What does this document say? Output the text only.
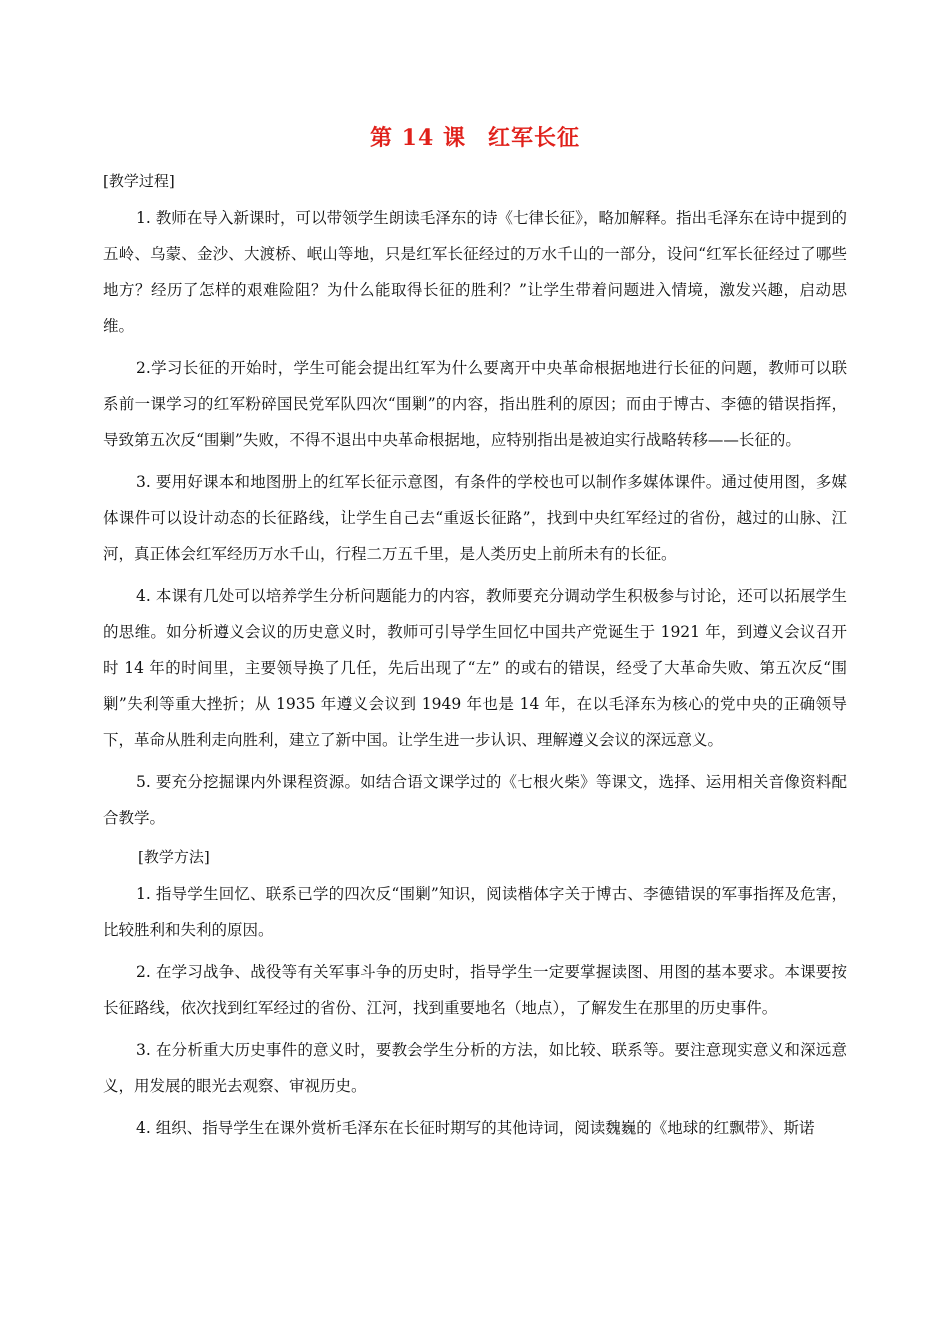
第 14 课 红军长征
[教学过程]

1. 教师在导入新课时，可以带领学生朗读毛泽东的诗《七律长征》，略加解释。指出毛泽东在诗中提到的五岭、乌蒙、金沙、大渡桥、岷山等地，只是红军长征经过的万水千山的一部分，设问“红军长征经过了哪些地方？经历了怎样的艰难险阻？为什么能取得长征的胜利？”让学生带着问题进入情境，激发兴趣，启动思维。

2.学习长征的开始时，学生可能会提出红军为什么要离开中央革命根据地进行长征的问题，教师可以联系前一课学习的红军粉碎国民党军队四次“围剿”的内容，指出胜利的原因；而由于博古、李德的错误指挥，导致第五次反“围剿”失败，不得不退出中央革命根据地，应特别指出是被迫实行战略转移——长征的。

3. 要用好课本和地图册上的红军长征示意图，有条件的学校也可以制作多媒体课件。通过使用图，多媒体课件可以设计动态的长征路线，让学生自己去“重返长征路”，找到中央红军经过的省份，越过的山脉、江河，真正体会红军经历万水千山，行程二万五千里，是人类历史上前所未有的长征。

4. 本课有几处可以培养学生分析问题能力的内容，教师要充分调动学生积极参与讨论，还可以拓展学生的思维。如分析遵义会议的历史意义时，教师可引导学生回忆中国共产党诞生于 1921 年，到遵义会议召开时 14 年的时间里，主要领导换了几任，先后出现了“左” 的或右的错误，经受了大革命失败、第五次反“围剿”失利等重大挫折；从 1935 年遵义会议到 1949 年也是 14 年，在以毛泽东为核心的党中央的正确领导下，革命从胜利走向胜利，建立了新中国。让学生进一步认识、理解遵义会议的深远意义。

5. 要充分挖掘课内外课程资源。如结合语文课学过的《七根火柴》等课文，选择、运用相关音像资料配合教学。

[教学方法]

1. 指导学生回忆、联系已学的四次反“围剿”知识，阅读楷体字关于博古、李德错误的军事指挥及危害，比较胜利和失利的原因。

2. 在学习战争、战役等有关军事斗争的历史时，指导学生一定要掌握读图、用图的基本要求。本课要按长征路线，依次找到红军经过的省份、江河，找到重要地名（地点），了解发生在那里的历史事件。

3. 在分析重大历史事件的意义时，要教会学生分析的方法，如比较、联系等。要注意现实意义和深远意义，用发展的眼光去观察、审视历史。

4. 组织、指导学生在课外赏析毛泽东在长征时期写的其他诗词，阅读魏巍的《地球的红飘带》、斯诺
